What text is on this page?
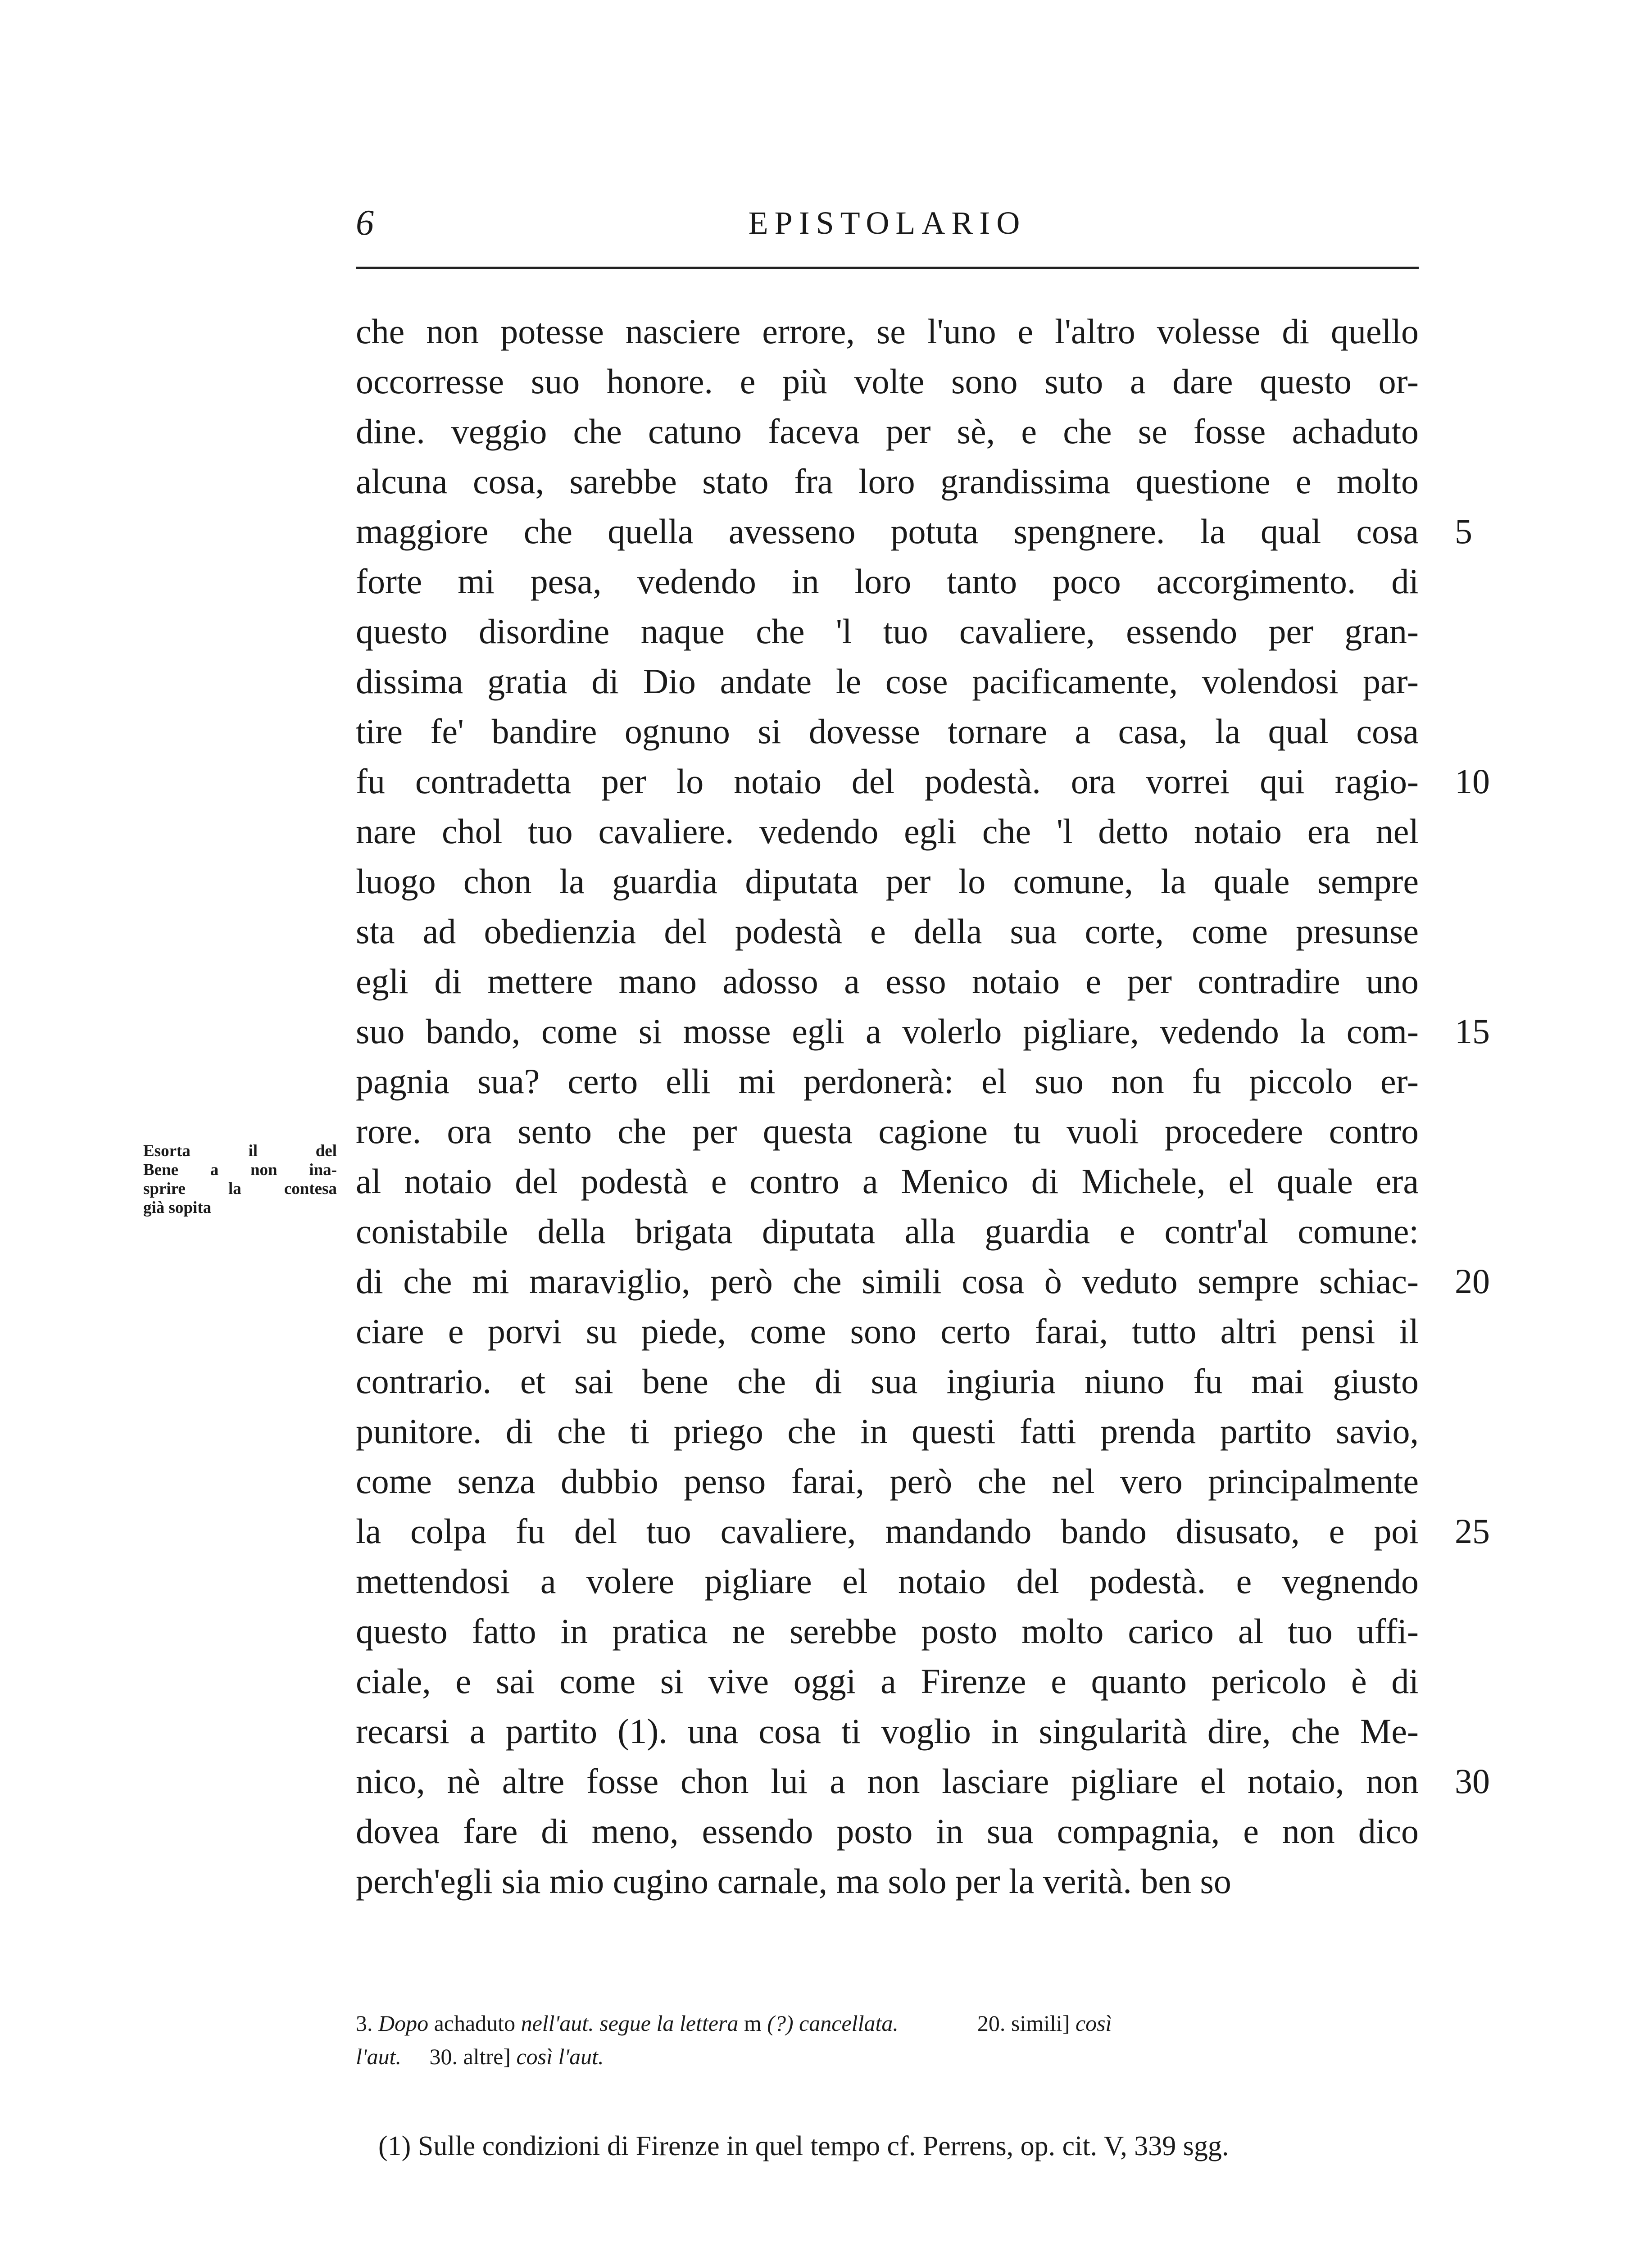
6	EPISTOLARIO
Esorta il del
Bene a non ina-
sprire la contesa
già sopita
che non potesse nasciere errore, se l'uno e l'altro volesse di quello
occorresse suo honore. e più volte sono suto a dare questo or-
dine. veggio che catuno faceva per sè, e che se fosse achaduto
alcuna cosa, sarebbe stato fra loro grandissima questione e molto
maggiore che quella avesseno potuta spengnere. la qual cosa 5
forte mi pesa, vedendo in loro tanto poco accorgimento. di
questo disordine naque che 'l tuo cavaliere, essendo per gran-
dissima gratia di Dio andate le cose pacificamente, volendosi par-
tire fe' bandire ognuno si dovesse tornare a casa, la qual cosa
fu contradetta per lo notaio del podestà. ora vorrei qui ragio- 10
nare chol tuo cavaliere. vedendo egli che 'l detto notaio era nel
luogo chon la guardia diputata per lo comune, la quale sempre
sta ad obedienzia del podestà e della sua corte, come presunse
egli di mettere mano adosso a esso notaio e per contradire uno
suo bando, come si mosse egli a volerlo pigliare, vedendo la com- 15
pagnia sua? certo elli mi perdonerà: el suo non fu piccolo er-
rore. ora sento che per questa cagione tu vuoli procedere contro
al notaio del podestà e contro a Menico di Michele, el quale era
conistabile della brigata diputata alla guardia e contr'al comune:
di che mi maraviglio, però che simili cosa ò veduto sempre schiac- 20
ciare e porvi su piede, come sono certo farai, tutto altri pensi il
contrario. et sai bene che di sua ingiuria niuno fu mai giusto
punitore. di che ti priego che in questi fatti prenda partito savio,
come senza dubbio penso farai, però che nel vero principalmente
la colpa fu del tuo cavaliere, mandando bando disusato, e poi 25
mettendosi a volere pigliare el notaio del podestà. e vegnendo
questo fatto in pratica ne serebbe posto molto carico al tuo uffi-
ciale, e sai come si vive oggi a Firenze e quanto pericolo è di
recarsi a partito (1). una cosa ti voglio in singularità dire, che Me-
nico, nè altre fosse chon lui a non lasciare pigliare el notaio, non 30
dovea fare di meno, essendo posto in sua compagnia, e non dico
perch'egli sia mio cugino carnale, ma solo per la verità. ben so
3. Dopo achaduto nell'aut. segue la lettera m (?) cancellata.	20. simili] così
l'aut. 30. altre] così l'aut.
(1) Sulle condizioni di Firenze in quel tempo cf. Perrens, op. cit. V, 339 sgg.
